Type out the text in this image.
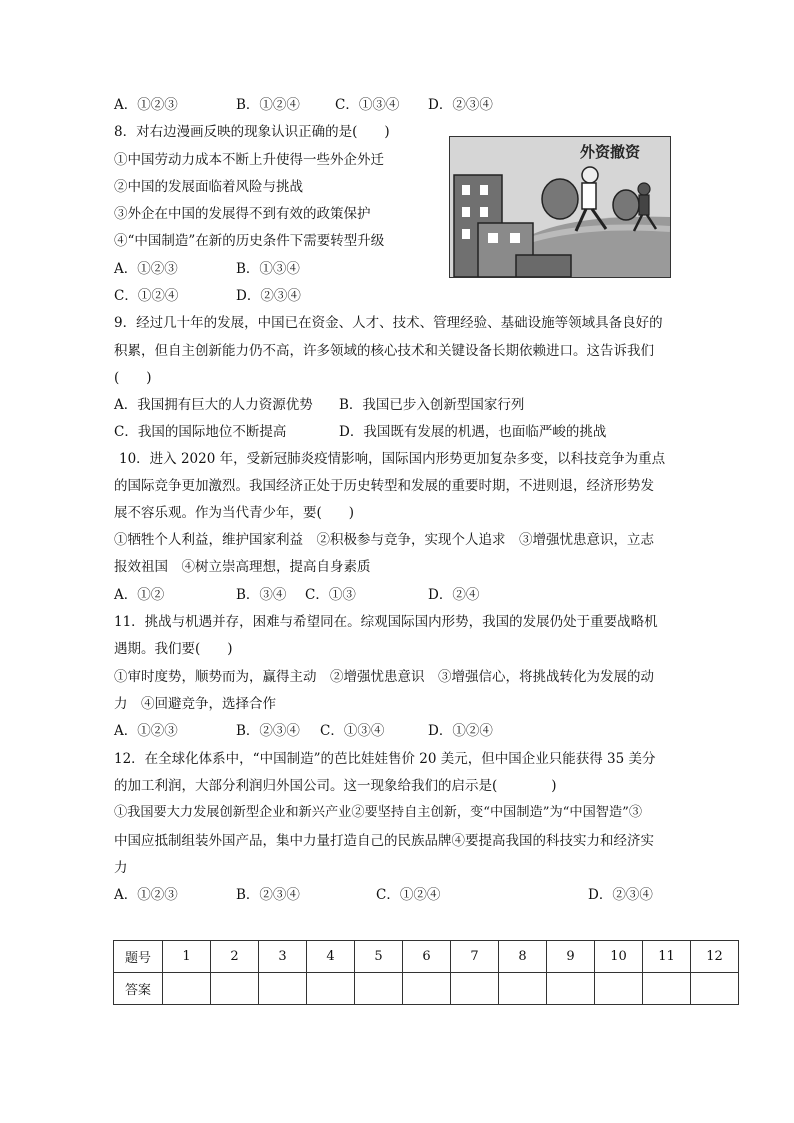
A．①②③	B．①②④	C．①③④ D．②③④
8．对右边漫画反映的现象认识正确的是(　　)
①中国劳动力成本不断上升使得一些外企外迁
②中国的发展面临着风险与挑战
③外企在中国的发展得不到有效的政策保护
④“中国制造”在新的历史条件下需要转型升级
A．①②③	B．①③④
C．①②④	D．②③④
外资撤资
9．经过几十年的发展，中国已在资金、人才、技术、管理经验、基础设施等领域具备良好的
积累，但自主创新能力仍不高，许多领域的核心技术和关键设备长期依赖进口。这告诉我们
(　　)
A．我国拥有巨大的人力资源优势 B．我国已步入创新型国家行列
C．我国的国际地位不断提高	D．我国既有发展的机遇，也面临严峻的挑战
10．进入 2020 年，受新冠肺炎疫情影响，国际国内形势更加复杂多变，以科技竞争为重点
的国际竞争更加激烈。我国经济正处于历史转型和发展的重要时期，不进则退，经济形势发
展不容乐观。作为当代青少年，要(　　)
①牺牲个人利益，维护国家利益　②积极参与竞争，实现个人追求　③增强忧患意识，立志
报效祖国　④树立崇高理想，提高自身素质
A．①②	B．③④ C．①③	D．②④
11．挑战与机遇并存，困难与希望同在。综观国际国内形势，我国的发展仍处于重要战略机
遇期。我们要(　　)
①审时度势，顺势而为，赢得主动　②增强忧患意识　③增强信心，将挑战转化为发展的动
力　④回避竞争，选择合作
A．①②③	B．②③④ C．①③④	D．①②④
12．在全球化体系中，“中国制造”的芭比娃娃售价 20 美元，但中国企业只能获得 35 美分
的加工利润，大部分利润归外国公司。这一现象给我们的启示是(　　　　)
①我国要大力发展创新型企业和新兴产业②要坚持自主创新，变“中国制造”为“中国智造”③
中国应抵制组装外国产品，集中力量打造自己的民族品牌④要提高我国的科技实力和经济实
力
A．①②③	B．②③④	C．①②④	D．②③④
题号	1	2	3	4	5	6	7	8	9	10	11	12
答案												
